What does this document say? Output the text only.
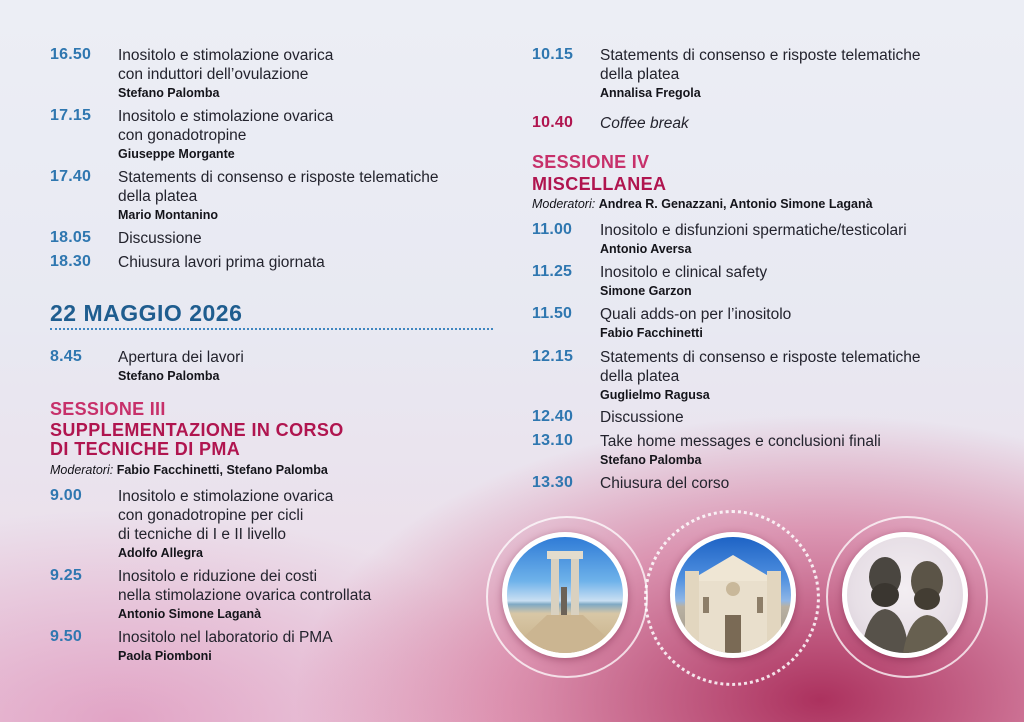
16.50 Inositolo e stimolazione ovarica
con induttori dell’ovulazione
Stefano Palomba
17.15 Inositolo e stimolazione ovarica
con gonadotropine
Giuseppe Morgante
17.40 Statements di consenso e risposte telematiche
della platea
Mario Montanino
18.05 Discussione
18.30 Chiusura lavori prima giornata
22 MAGGIO 2026
8.45 Apertura dei lavori
Stefano Palomba
SESSIONE III
SUPPLEMENTAZIONE IN CORSO
DI TECNICHE DI PMA
Moderatori: Fabio Facchinetti, Stefano Palomba
9.00 Inositolo e stimolazione ovarica
con gonadotropine per cicli
di tecniche di I e II livello
Adolfo Allegra
9.25 Inositolo e riduzione dei costi
nella stimolazione ovarica controllata
Antonio Simone Laganà
9.50 Inositolo nel laboratorio di PMA
Paola Piomboni
10.15 Statements di consenso e risposte telematiche
della platea
Annalisa Fregola
10.40 Coffee break
SESSIONE IV
MISCELLANEA
Moderatori: Andrea R. Genazzani, Antonio Simone Laganà
11.00 Inositolo e disfunzioni spermatiche/testicolari
Antonio Aversa
11.25 Inositolo e clinical safety
Simone Garzon
11.50 Quali adds-on per l’inositolo
Fabio Facchinetti
12.15 Statements di consenso e risposte telematiche
della platea
Guglielmo Ragusa
12.40 Discussione
13.10 Take home messages e conclusioni finali
Stefano Palomba
13.30 Chiusura del corso
